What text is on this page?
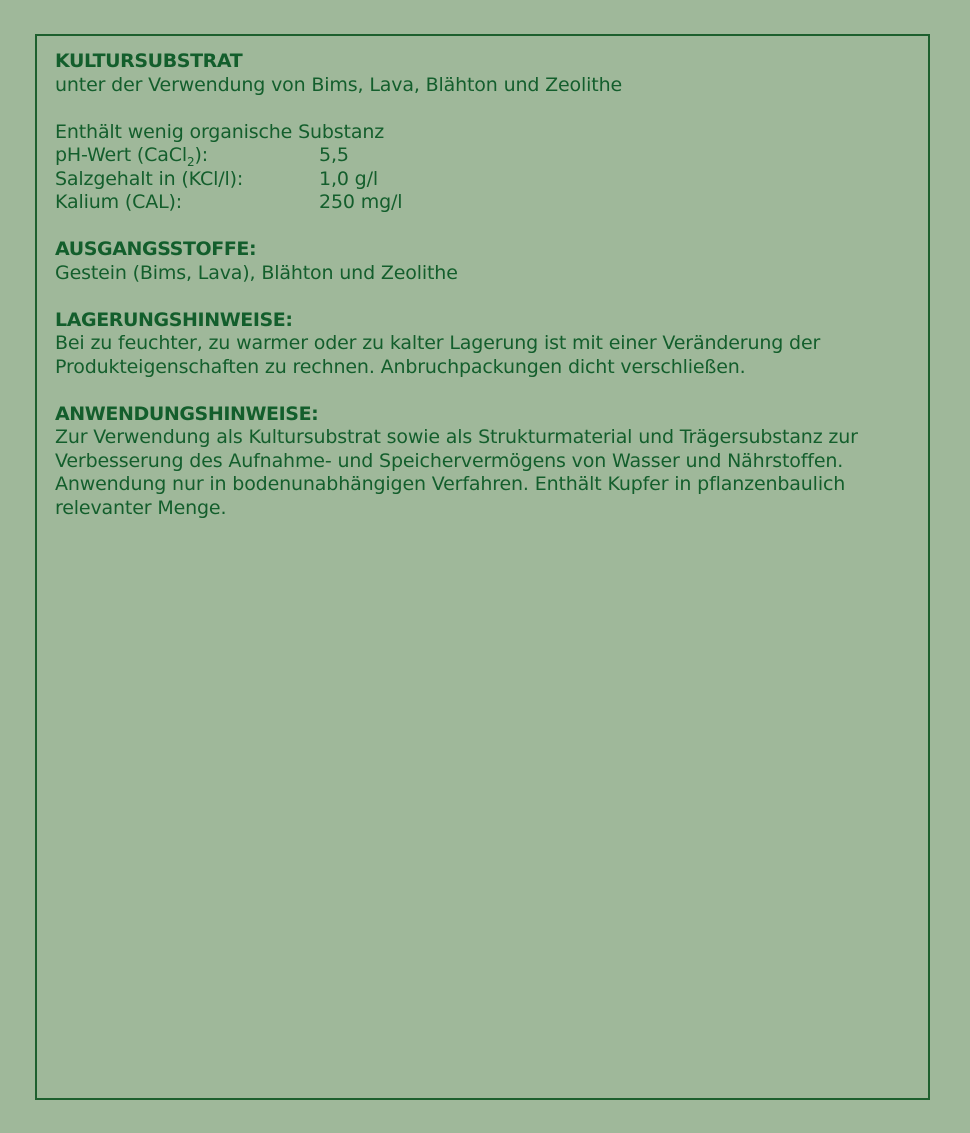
KULTURSUBSTRAT
unter der Verwendung von Bims, Lava, Blähton und Zeolithe
Enthält wenig organische Substanz
pH-Wert (CaCl$_2$):	5,5
Salzgehalt in (KCl/l):	1,0 g/l
Kalium (CAL):	250 mg/l
AUSGANGSSTOFFE:
Gestein (Bims, Lava), Blähton und Zeolithe
LAGERUNGSHINWEISE:

Bei zu feuchter, zu warmer oder zu kalter Lagerung ist mit einer Veränderung der

Produkteigenschaften zu rechnen. Anbruchpackungen dicht verschließen.

ANWENDUNGSHINWEISE:

Zur Verwendung als Kultursubstrat sowie als Strukturmaterial und Trägersubstanz zur

Verbesserung des Aufnahme- und Speichervermögens von Wasser und Nährstoffen.

Anwendung nur in bodenunabhängigen Verfahren. Enthält Kupfer in pflanzenbaulich

relevanter Menge.
